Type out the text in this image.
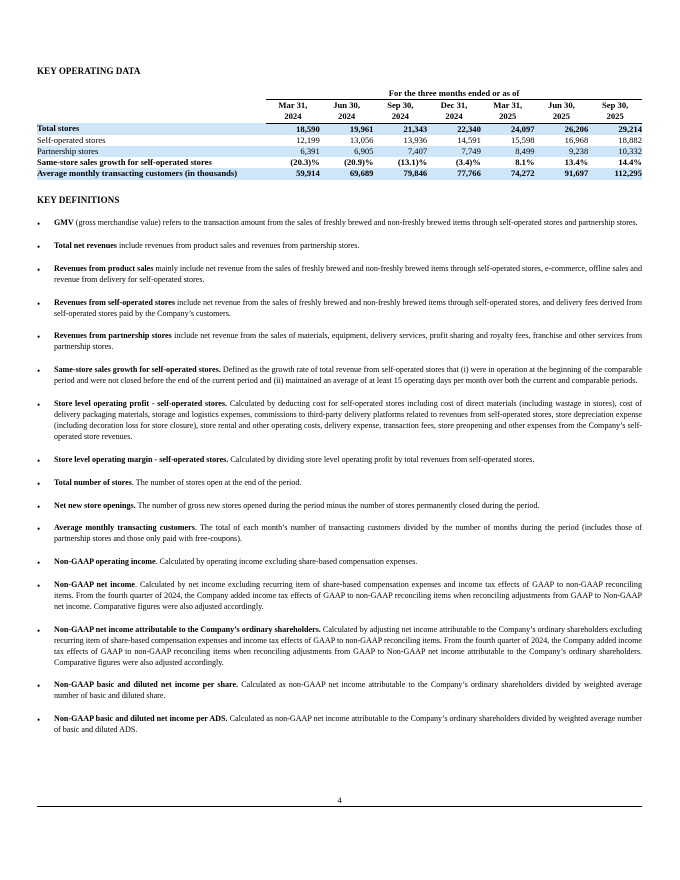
KEY OPERATING DATA
	For the three months ended or as of						
	Mar 31,	Jun 30,	Sep 30,	Dec 31,	Mar 31,	Jun 30,	Sep 30,
	2024	2024	2024	2024	2025	2025	2025
Total stores	18,590	19,961	21,343	22,340	24,097	26,206	29,214
Self-operated stores	12,199	13,056	13,936	14,591	15,598	16,968	18,882
Partnership stores	6,391	6,905	7,407	7,749	8,499	9,238	10,332
Same-store sales growth for self-operated stores	(20.3)%	(20.9)%	(13.1)%	(3.4)%	8.1%	13.4%	14.4%
Average monthly transacting customers (in thousands)	59,914	69,689	79,846	77,766	74,272	91,697	112,295
KEY DEFINITIONS
• GMV (gross merchandise value) refers to the transaction amount from the sales of freshly brewed and non-freshly brewed items through self-operated stores and partnership stores.
• Total net revenues include revenues from product sales and revenues from partnership stores.
• Revenues from product sales mainly include net revenue from the sales of freshly brewed and non-freshly brewed items through self-operated stores, e-commerce, offline sales and revenue from delivery for self-operated stores.
• Revenues from self-operated stores include net revenue from the sales of freshly brewed and non-freshly brewed items through self-operated stores, and delivery fees derived from self-operated stores paid by the Company’s customers.
• Revenues from partnership stores include net revenue from the sales of materials, equipment, delivery services, profit sharing and royalty fees, franchise and other services from partnership stores.
• Same-store sales growth for self-operated stores. Defined as the growth rate of total revenue from self-operated stores that (i) were in operation at the beginning of the comparable period and were not closed before the end of the current period and (ii) maintained an average of at least 15 operating days per month over both the current and comparable periods.
• Store level operating profit - self-operated stores. Calculated by deducting cost for self-operated stores including cost of direct materials (including wastage in stores), cost of delivery packaging materials, storage and logistics expenses, commissions to third-party delivery platforms related to revenues from self-operated stores, store depreciation expense (including decoration loss for store closure), store rental and other operating costs, delivery expense, transaction fees, store preopening and other expenses from the Company’s self-operated store revenues.
• Store level operating margin - self-operated stores. Calculated by dividing store level operating profit by total revenues from self-operated stores.
• Total number of stores. The number of stores open at the end of the period.
• Net new store openings. The number of gross new stores opened during the period minus the number of stores permanently closed during the period.
• Average monthly transacting customers. The total of each month’s number of transacting customers divided by the number of months during the period (includes those of partnership stores and those only paid with free-coupons).
• Non-GAAP operating income. Calculated by operating income excluding share-based compensation expenses.
• Non-GAAP net income. Calculated by net income excluding recurring item of share-based compensation expenses and income tax effects of GAAP to non-GAAP reconciling items. From the fourth quarter of 2024, the Company added income tax effects of GAAP to non-GAAP reconciling items when reconciling adjustments from GAAP to Non-GAAP net income. Comparative figures were also adjusted accordingly.
• Non-GAAP net income attributable to the Company’s ordinary shareholders. Calculated by adjusting net income attributable to the Company’s ordinary shareholders excluding recurring item of share-based compensation expenses and income tax effects of GAAP to non-GAAP reconciling items. From the fourth quarter of 2024, the Company added income tax effects of GAAP to non-GAAP reconciling items when reconciling adjustments from GAAP to Non-GAAP net income attributable to the Company’s ordinary shareholders. Comparative figures were also adjusted accordingly.
• Non-GAAP basic and diluted net income per share. Calculated as non-GAAP net income attributable to the Company’s ordinary shareholders divided by weighted average number of basic and diluted share.
• Non-GAAP basic and diluted net income per ADS. Calculated as non-GAAP net income attributable to the Company’s ordinary shareholders divided by weighted average number of basic and diluted ADS.
4
